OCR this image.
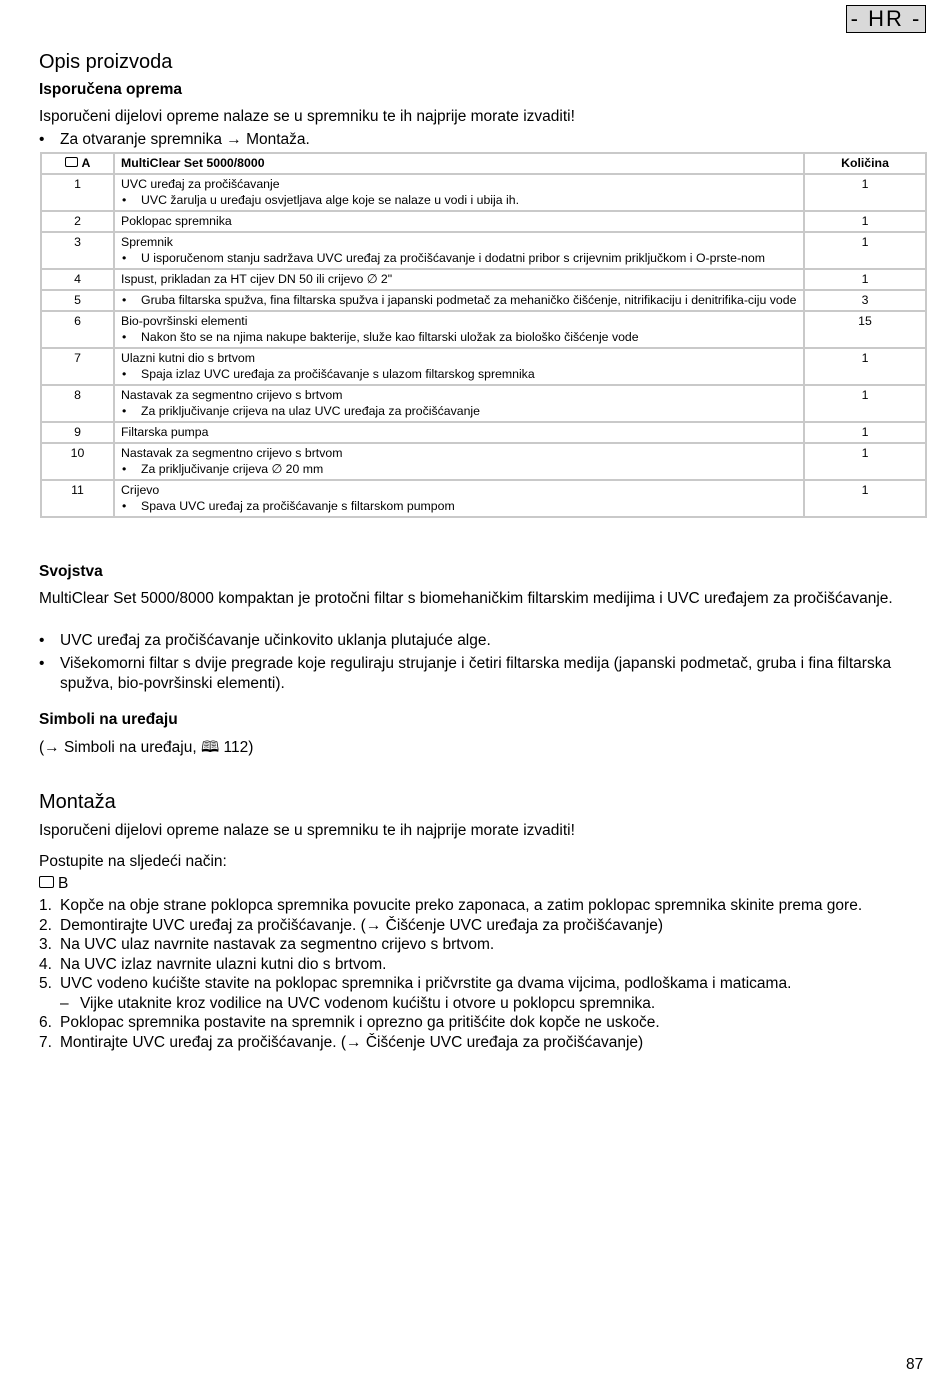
- HR -
Opis proizvoda
Isporučena oprema

Isporučeni dijelovi opreme nalaze se u spremniku te ih najprije morate izvaditi!

• Za otvaranje spremnika → Montaža.
A	MultiClear Set 5000/8000	Količina
1	UVC uređaj za pročišćavanje
• UVC žarulja u uređaju osvjetljava alge koje se nalaze u vodi i ubija ih.	1
2	Poklopac spremnika	1
3	Spremnik
• U isporučenom stanju sadržava UVC uređaj za pročišćavanje i dodatni pribor s crijevnim priključkom i O-prste-nom	1
4	Ispust, prikladan za HT cijev DN 50 ili crijevo ∅ 2"	1
5	• Gruba filtarska spužva, fina filtarska spužva i japanski podmetač za mehaničko čišćenje, nitrifikaciju i denitrifika-ciju vode	3
6	Bio-površinski elementi
• Nakon što se na njima nakupe bakterije, služe kao filtarski uložak za biološko čišćenje vode	15
7	Ulazni kutni dio s brtvom
• Spaja izlaz UVC uređaja za pročišćavanje s ulazom filtarskog spremnika	1
8	Nastavak za segmentno crijevo s brtvom
• Za priključivanje crijeva na ulaz UVC uređaja za pročišćavanje	1
9	Filtarska pumpa	1
10	Nastavak za segmentno crijevo s brtvom
• Za priključivanje crijeva ∅ 20 mm	1
11	Crijevo
• Spava UVC uređaj za pročišćavanje s filtarskom pumpom	1
Svojstva

MultiClear Set 5000/8000 kompaktan je protočni filtar s biomehaničkim filtarskim medijima i UVC uređajem za pročišćavanje.

• UVC uređaj za pročišćavanje učinkovito uklanja plutajuće alge.
• Višekomorni filtar s dvije pregrade koje reguliraju strujanje i četiri filtarska medija (japanski podmetač, gruba i fina filtarska spužva, bio-površinski elementi).
Simboli na uređaju

(→ Simboli na uređaju, 🕮 112)

Montaža

Isporučeni dijelovi opreme nalaze se u spremniku te ih najprije morate izvaditi!

Postupite na sljedeći način:

B

1. Kopče na obje strane poklopca spremnika povucite preko zaponaca, a zatim poklopac spremnika skinite prema gore.
2. Demontirajte UVC uređaj za pročišćavanje. (→ Čišćenje UVC uređaja za pročišćavanje)
3. Na UVC ulaz navrnite nastavak za segmentno crijevo s brtvom.
4. Na UVC izlaz navrnite ulazni kutni dio s brtvom.
5. UVC vodeno kućište stavite na poklopac spremnika i pričvrstite ga dvama vijcima, podloškama i maticama.
– Vijke utaknite kroz vodilice na UVC vodenom kućištu i otvore u poklopcu spremnika.
6. Poklopac spremnika postavite na spremnik i oprezno ga pritišćite dok kopče ne uskoče.
7. Montirajte UVC uređaj za pročišćavanje. (→ Čišćenje UVC uređaja za pročišćavanje)
87
